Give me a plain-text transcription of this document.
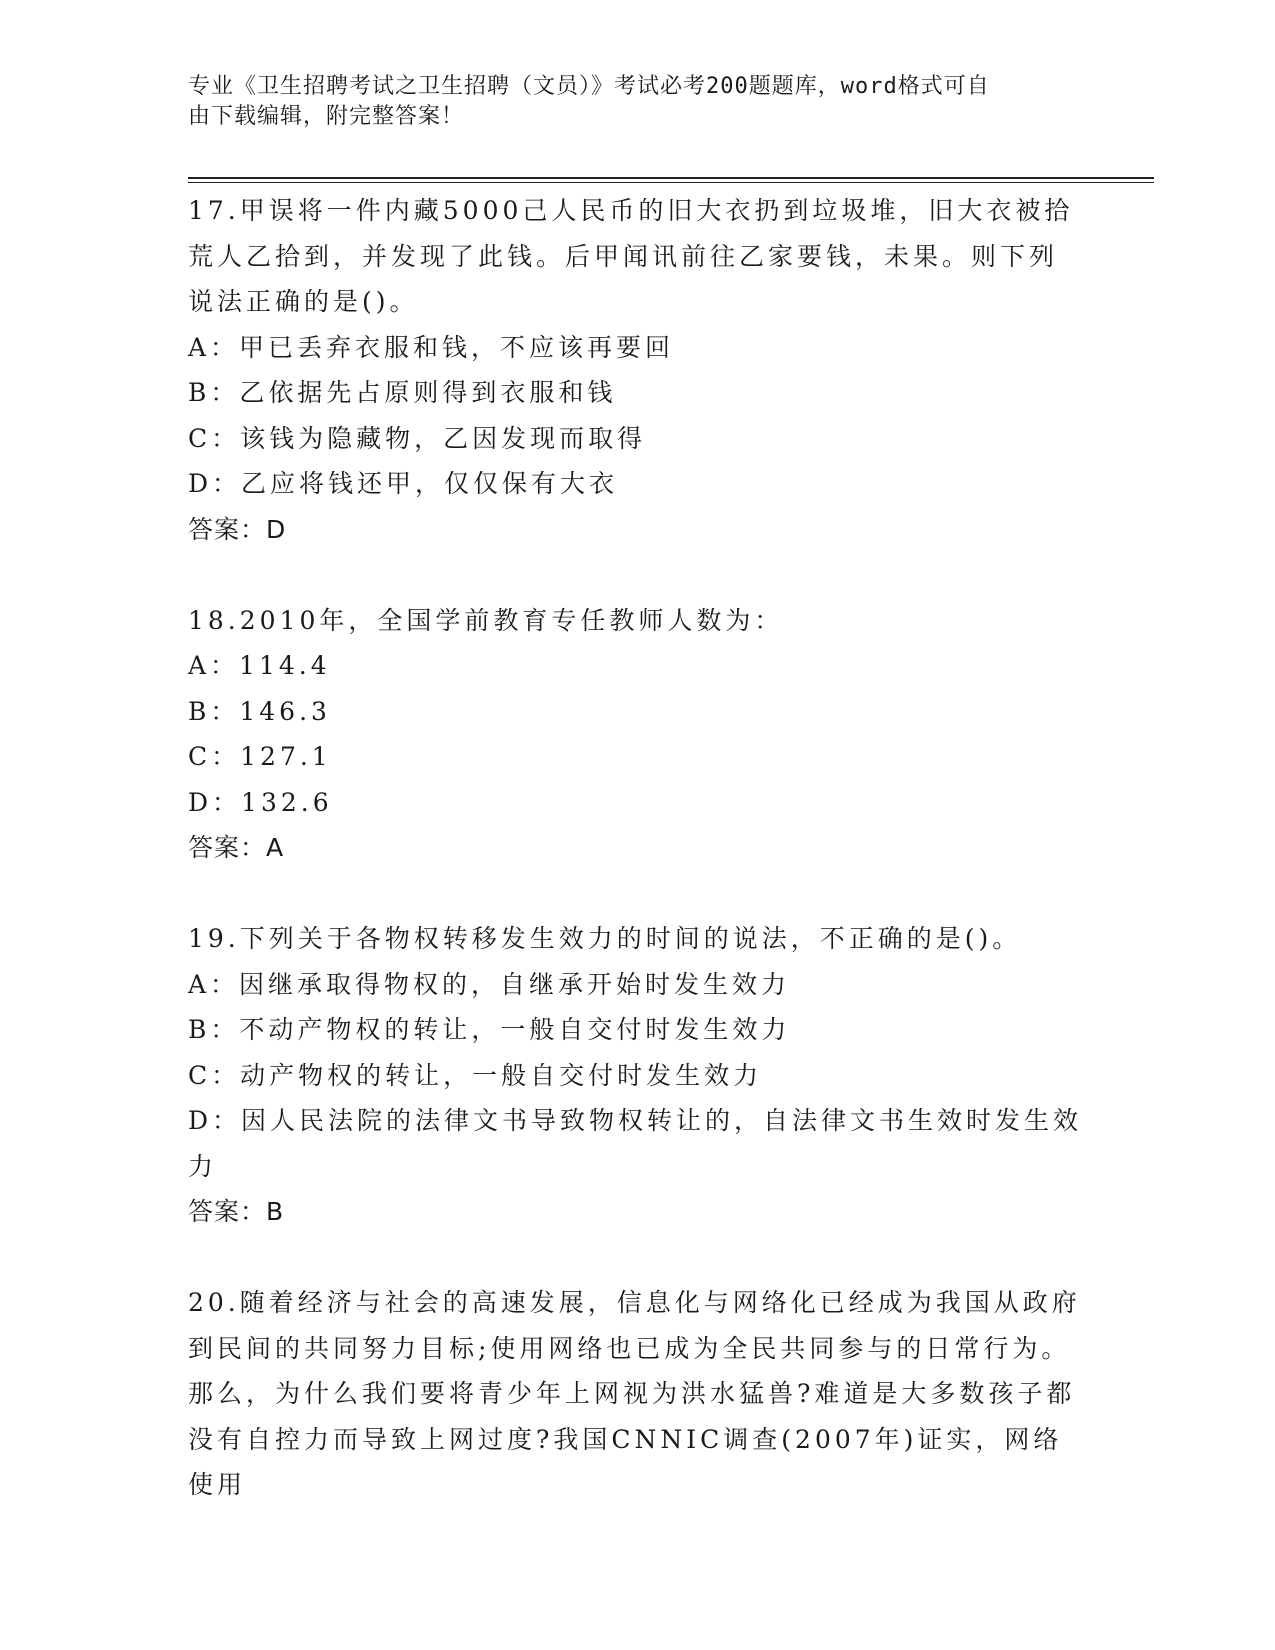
专业《卫生招聘考试之卫生招聘（文员）》考试必考200题题库，word格式可自
由下载编辑，附完整答案！

17.甲误将一件内藏5000己人民币的旧大衣扔到垃圾堆，旧大衣被拾

荒人乙拾到，并发现了此钱。后甲闻讯前往乙家要钱，未果。则下列

说法正确的是()。

A：甲已丢弃衣服和钱，不应该再要回

B：乙依据先占原则得到衣服和钱

C：该钱为隐藏物，乙因发现而取得

D：乙应将钱还甲，仅仅保有大衣

答案：D

18.2010年，全国学前教育专任教师人数为：

A：114.4

B：146.3

C：127.1

D：132.6

答案：A

19.下列关于各物权转移发生效力的时间的说法，不正确的是()。

A：因继承取得物权的，自继承开始时发生效力

B：不动产物权的转让，一般自交付时发生效力

C：动产物权的转让，一般自交付时发生效力

D：因人民法院的法律文书导致物权转让的，自法律文书生效时发生效

力

答案：B

20.随着经济与社会的高速发展，信息化与网络化已经成为我国从政府

到民间的共同努力目标;使用网络也已成为全民共同参与的日常行为。

那么，为什么我们要将青少年上网视为洪水猛兽?难道是大多数孩子都

没有自控力而导致上网过度?我国CNNIC调查(2007年)证实，网络使用
